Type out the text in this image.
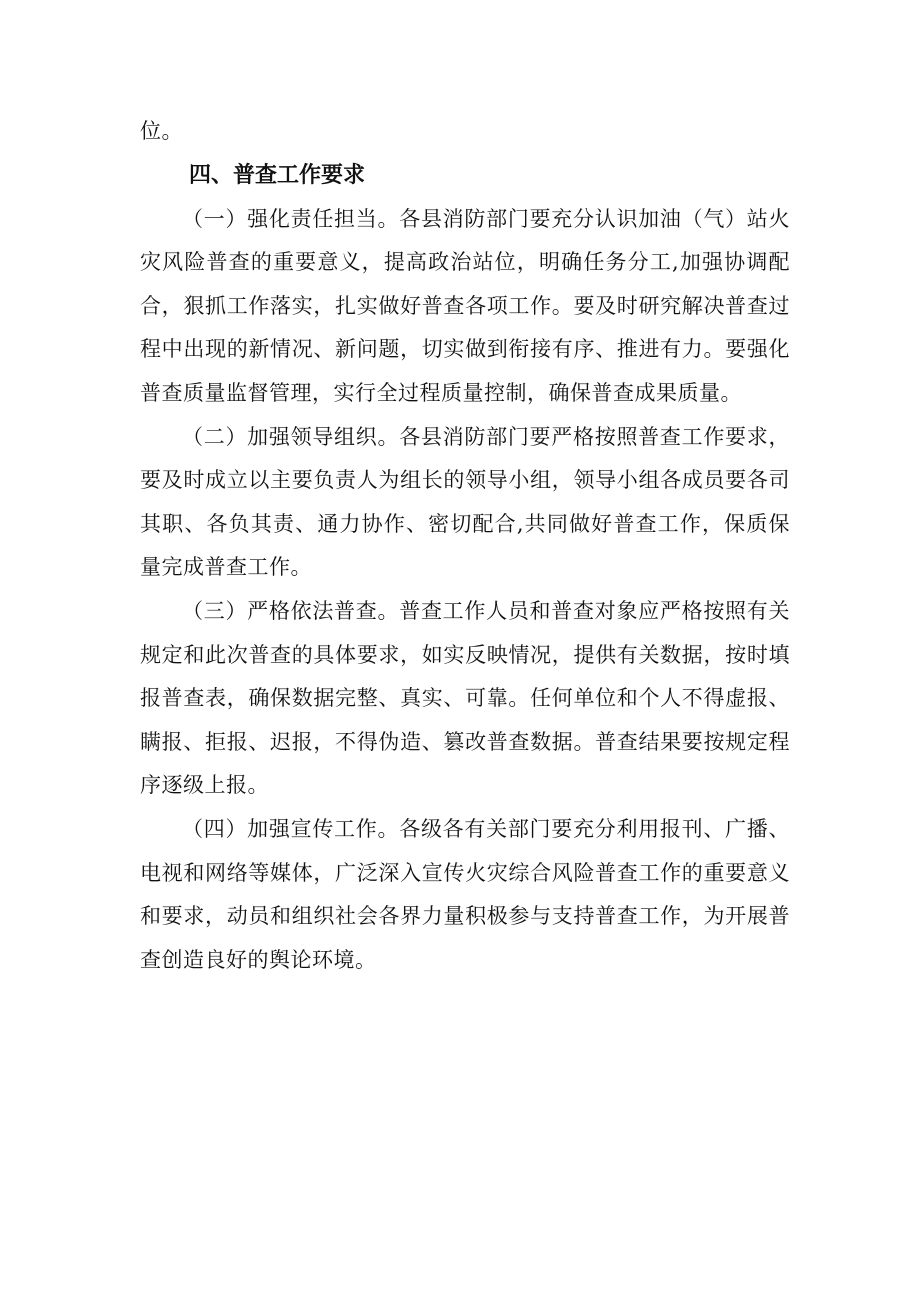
位。

四、普查工作要求

（一）强化责任担当。各县消防部门要充分认识加油（气）站火灾风险普查的重要意义，提高政治站位，明确任务分工,加强协调配合，狠抓工作落实，扎实做好普查各项工作。要及时研究解决普查过程中出现的新情况、新问题，切实做到衔接有序、推进有力。要强化普查质量监督管理，实行全过程质量控制，确保普查成果质量。

（二）加强领导组织。各县消防部门要严格按照普查工作要求，要及时成立以主要负责人为组长的领导小组，领导小组各成员要各司其职、各负其责、通力协作、密切配合,共同做好普查工作，保质保量完成普查工作。

（三）严格依法普查。普查工作人员和普查对象应严格按照有关规定和此次普查的具体要求，如实反映情况，提供有关数据，按时填报普查表，确保数据完整、真实、可靠。任何单位和个人不得虚报、瞒报、拒报、迟报，不得伪造、篡改普查数据。普查结果要按规定程序逐级上报。

（四）加强宣传工作。各级各有关部门要充分利用报刊、广播、电视和网络等媒体，广泛深入宣传火灾综合风险普查工作的重要意义和要求，动员和组织社会各界力量积极参与支持普查工作，为开展普查创造良好的舆论环境。
